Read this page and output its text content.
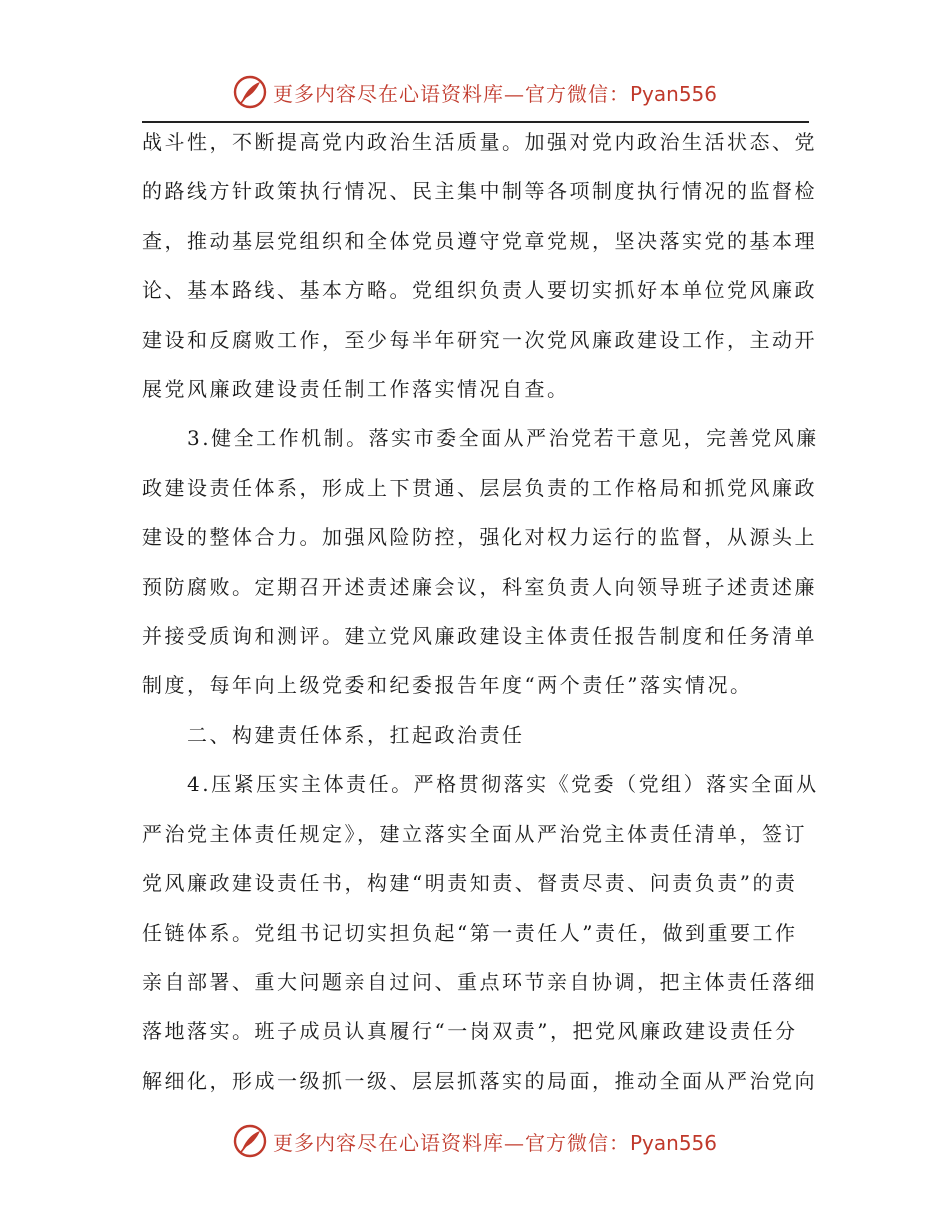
更多内容尽在心语资料库—官方微信：Pyan556

战斗性，不断提高党内政治生活质量。加强对党内政治生活状态、党
的路线方针政策执行情况、民主集中制等各项制度执行情况的监督检
查，推动基层党组织和全体党员遵守党章党规，坚决落实党的基本理
论、基本路线、基本方略。党组织负责人要切实抓好本单位党风廉政
建设和反腐败工作，至少每半年研究一次党风廉政建设工作，主动开
展党风廉政建设责任制工作落实情况自查。

3.健全工作机制。落实市委全面从严治党若干意见，完善党风廉
政建设责任体系，形成上下贯通、层层负责的工作格局和抓党风廉政
建设的整体合力。加强风险防控，强化对权力运行的监督，从源头上
预防腐败。定期召开述责述廉会议，科室负责人向领导班子述责述廉
并接受质询和测评。建立党风廉政建设主体责任报告制度和任务清单
制度，每年向上级党委和纪委报告年度“两个责任”落实情况。

二、构建责任体系，扛起政治责任

4.压紧压实主体责任。严格贯彻落实《党委（党组）落实全面从
严治党主体责任规定》，建立落实全面从严治党主体责任清单，签订
党风廉政建设责任书，构建“明责知责、督责尽责、问责负责”的责
任链体系。党组书记切实担负起“第一责任人”责任，做到重要工作
亲自部署、重大问题亲自过问、重点环节亲自协调，把主体责任落细
落地落实。班子成员认真履行“一岗双责”，把党风廉政建设责任分
解细化，形成一级抓一级、层层抓落实的局面，推动全面从严治党向

更多内容尽在心语资料库—官方微信：Pyan556
